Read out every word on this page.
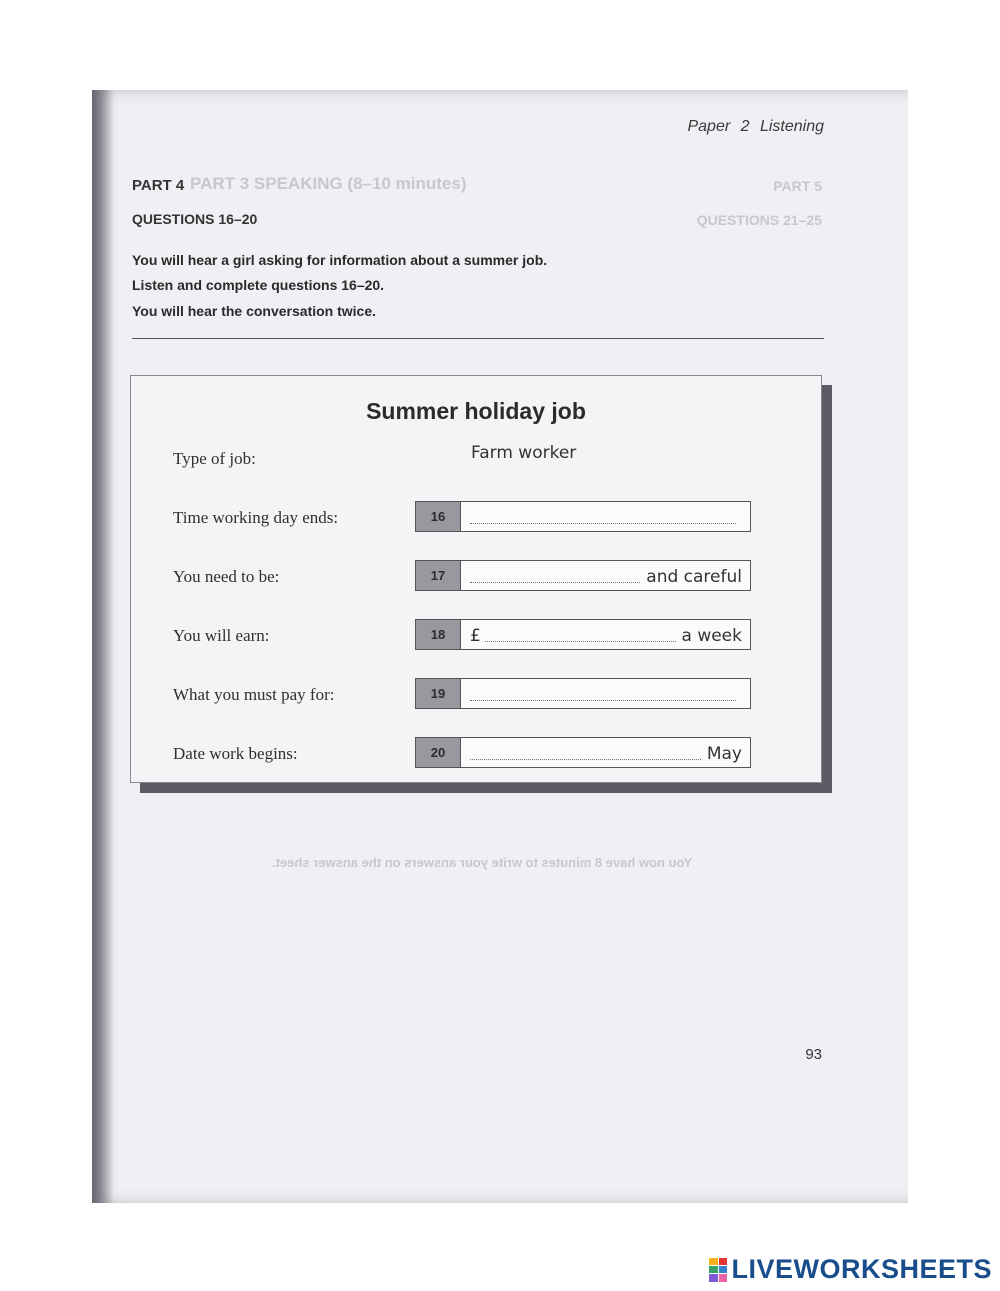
Paper 2 Listening
PART 5
QUESTIONS 21–25
PART 3 SPEAKING (8–10 minutes)
You now have 8 minutes to write your answers on the answer sheet.
PART 4
QUESTIONS 16–20
You will hear a girl asking for information about a summer job.
Listen and complete questions 16–20.
You will hear the conversation twice.
Summer holiday job
Type of job:	Farm worker
Time working day ends:	16
You need to be:	17	and careful
You will earn:	18	£	a week
What you must pay for:	19
Date work begins:	20	May
93
LIVEWORKSHEETS
